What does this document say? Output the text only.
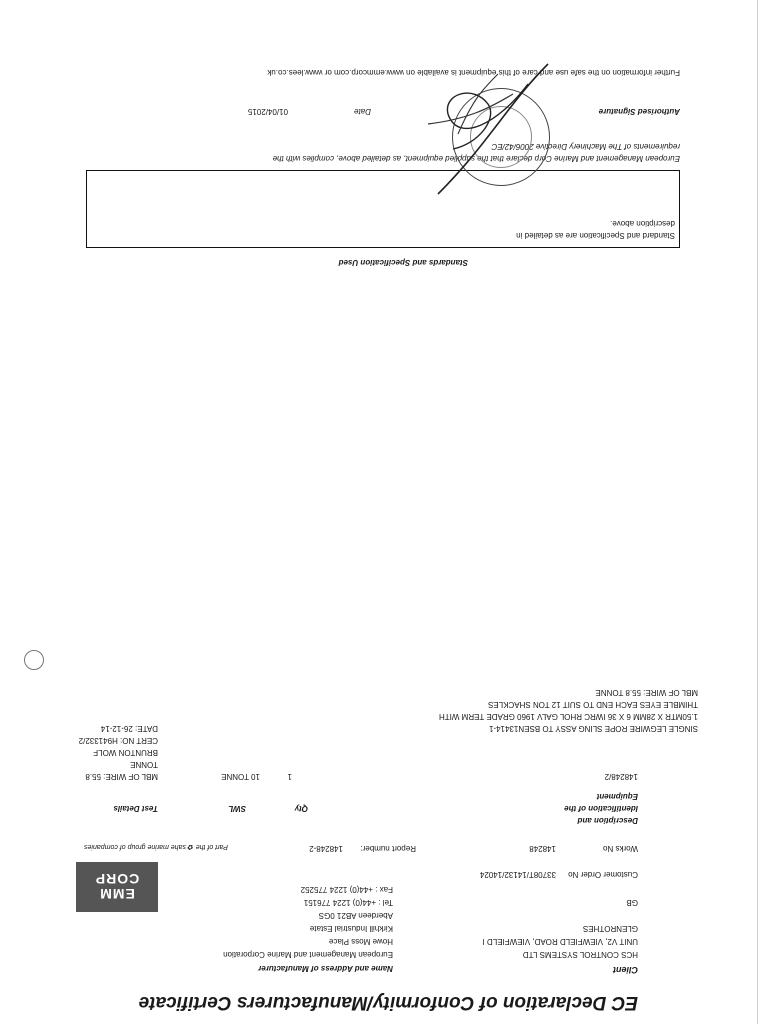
EC Declaration of Conformity/Manufacturers Certificate
Name and Address of Manufacturer
European Management and Marine Corporation
Howe Moss Place
Kirkhill Industrial Estate
Aberdeen AB21 0GS
Tel : +44(0) 1224 776151
Fax : +44(0) 1224 775252
EMM CORP
Client
HCS CONTROL SYSTEMS LTD
UNIT V2, VIEWFIELD ROAD, VIEWFIELD I
GLENROTHES
GB
Customer Order No
33708T/14132/14024
Works No
148248
Report number:
148248-2
Part of the ✿ sahe marine group of companies
Description and
Identification of the
Equipment
Qty
SWL
Test Details
148248/2
1
10 TONNE
MBL OF WIRE: 55.8
TONNE
BRUNTON WOLF
CERT NO: H941332/2
DATE: 26-12-14	SINGLE LEGWIRE ROPE SLING ASSY TO BSEN13414-1
1.50MTR X 28MM 6 X 36 IWRC RHOL GALV 1960 GRADE TERM WITH
THIMBLE EYES EACH END TO SUIT 12 TON SHACKLES
MBL OF WIRE: 55.8 TONNE
Standards and Specification Used
Standard and Specification are as detailed in
description above.
European Management and Marine Corp declare that the supplied equipment, as detailed above, complies with the
requirements of The Machinery Directive 2006/42/EC
Authorised Signature
Date
01/04/2015
Further information on the safe use and care of this equipment is available on www.emmcorp.com or www.lees.co.uk
